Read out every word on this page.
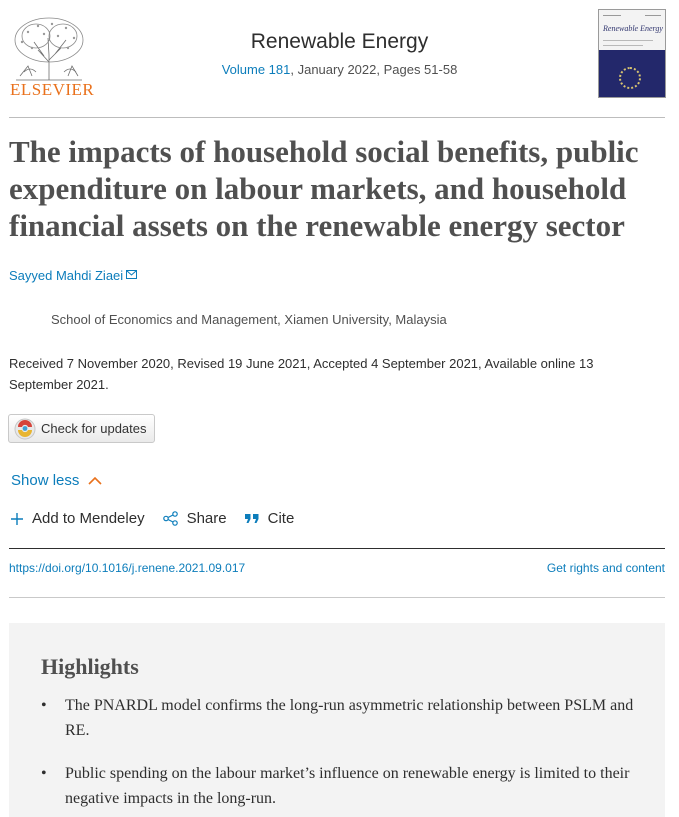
ELSEVIER
Renewable Energy
Volume 181, January 2022, Pages 51-58
Renewable Energy
The impacts of household social benefits, public expenditure on labour markets, and household financial assets on the renewable energy sector
Sayyed Mahdi Ziaei
School of Economics and Management, Xiamen University, Malaysia
Received 7 November 2020, Revised 19 June 2021, Accepted 4 September 2021, Available online 13 September 2021.
Check for updates
Show less
Add to Mendeley	Share	Cite
https://doi.org/10.1016/j.renene.2021.09.017	Get rights and content
Highlights
• The PNARDL model confirms the long-run asymmetric relationship between PSLM and RE.
• Public spending on the labour market’s influence on renewable energy is limited to their negative impacts in the long-run.
